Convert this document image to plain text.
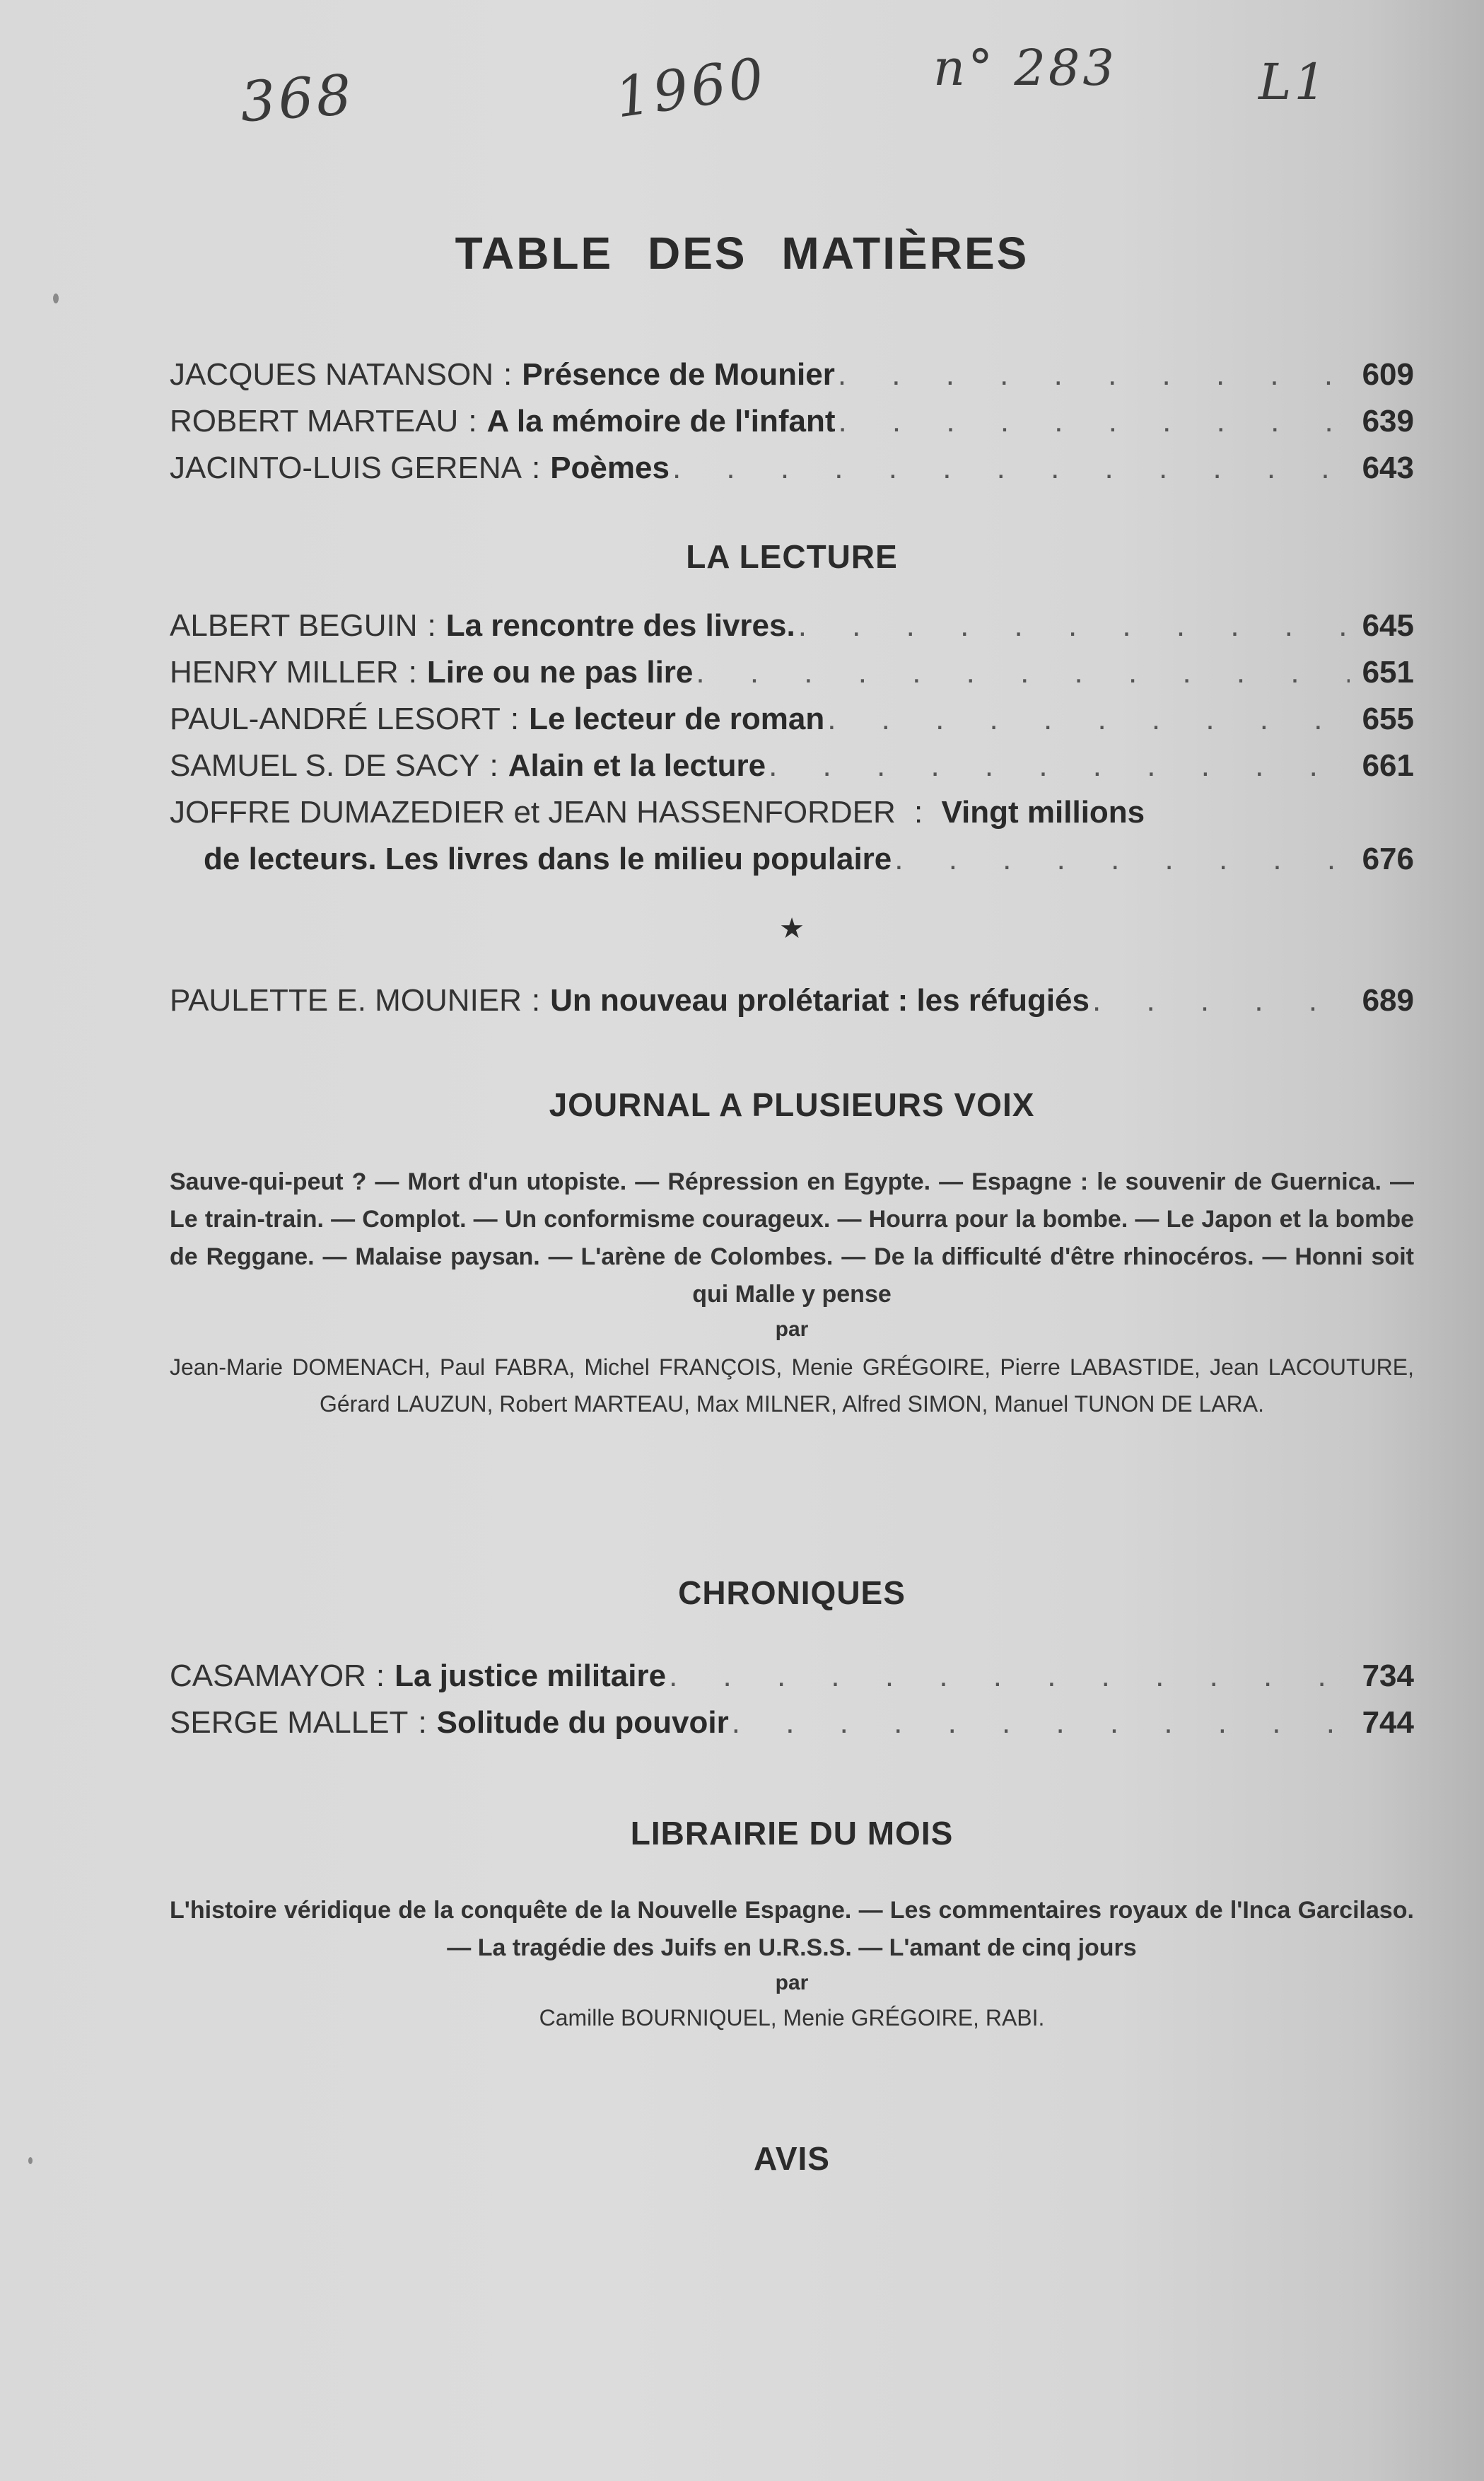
368	1960	n° 283	L1
TABLE DES MATIÈRES
JACQUES NATANSON : Présence de Mounier . . .	609
ROBERT MARTEAU : A la mémoire de l'infant . . .	639
JACINTO-LUIS GERENA : Poèmes . . .	643
LA LECTURE
ALBERT BEGUIN : La rencontre des livres. . . .	645
HENRY MILLER : Lire ou ne pas lire . . .	651
PAUL-ANDRÉ LESORT : Le lecteur de roman . . .	655
SAMUEL S. DE SACY : Alain et la lecture . . .	661
JOFFRE DUMAZEDIER et JEAN HASSENFORDER : Vingt millions
de lecteurs. Les livres dans le milieu populaire . . .	676
★
PAULETTE E. MOUNIER : Un nouveau prolétariat : les réfugiés . . .	689
JOURNAL A PLUSIEURS VOIX
Sauve-qui-peut ? — Mort d'un utopiste. — Répression en Egypte. — Espagne : le souvenir de Guernica. — Le train-train. — Complot. — Un conformisme courageux. — Hourra pour la bombe. — Le Japon et la bombe de Reggane. — Malaise paysan. — L'arène de Colombes. — De la difficulté d'être rhinocéros. — Honni soit qui Malle y pense
par
Jean-Marie DOMENACH, Paul FABRA, Michel FRANÇOIS, Menie GRÉGOIRE, Pierre LABASTIDE, Jean LACOUTURE, Gérard LAUZUN, Robert MARTEAU, Max MILNER, Alfred SIMON, Manuel TUNON DE LARA.
CHRONIQUES
CASAMAYOR : La justice militaire . . .	734
SERGE MALLET : Solitude du pouvoir . . .	744
LIBRAIRIE DU MOIS
L'histoire véridique de la conquête de la Nouvelle Espagne. — Les commentaires royaux de l'Inca Garcilaso. — La tragédie des Juifs en U.R.S.S. — L'amant de cinq jours
par
Camille BOURNIQUEL, Menie GRÉGOIRE, RABI.
AVIS
